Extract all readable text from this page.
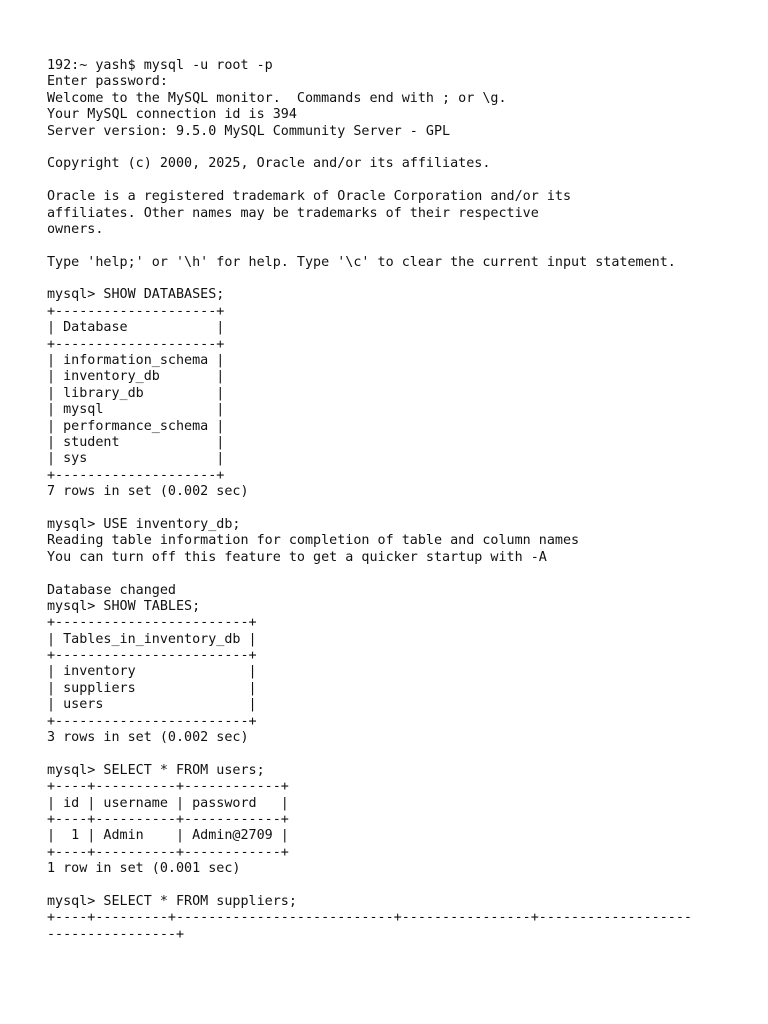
192:~ yash$ mysql -u root -p
Enter password:
Welcome to the MySQL monitor.  Commands end with ; or \g.
Your MySQL connection id is 394
Server version: 9.5.0 MySQL Community Server - GPL
Copyright (c) 2000, 2025, Oracle and/or its affiliates.
Oracle is a registered trademark of Oracle Corporation and/or its
affiliates. Other names may be trademarks of their respective
owners.
Type 'help;' or '\h' for help. Type '\c' to clear the current input statement.
mysql> SHOW DATABASES;
+--------------------+
| Database           |
+--------------------+
| information_schema |
| inventory_db       |
| library_db         |
| mysql              |
| performance_schema |
| student            |
| sys                |
+--------------------+
7 rows in set (0.002 sec)
mysql> USE inventory_db;
Reading table information for completion of table and column names
You can turn off this feature to get a quicker startup with -A
Database changed
mysql> SHOW TABLES;
+------------------------+
| Tables_in_inventory_db |
+------------------------+
| inventory              |
| suppliers              |
| users                  |
+------------------------+
3 rows in set (0.002 sec)
mysql> SELECT * FROM users;
+----+----------+------------+
| id | username | password   |
+----+----------+------------+
|  1 | Admin    | Admin@2709 |
+----+----------+------------+
1 row in set (0.001 sec)
mysql> SELECT * FROM suppliers;
+----+---------+---------------------------+----------------+-------------------
----------------+
